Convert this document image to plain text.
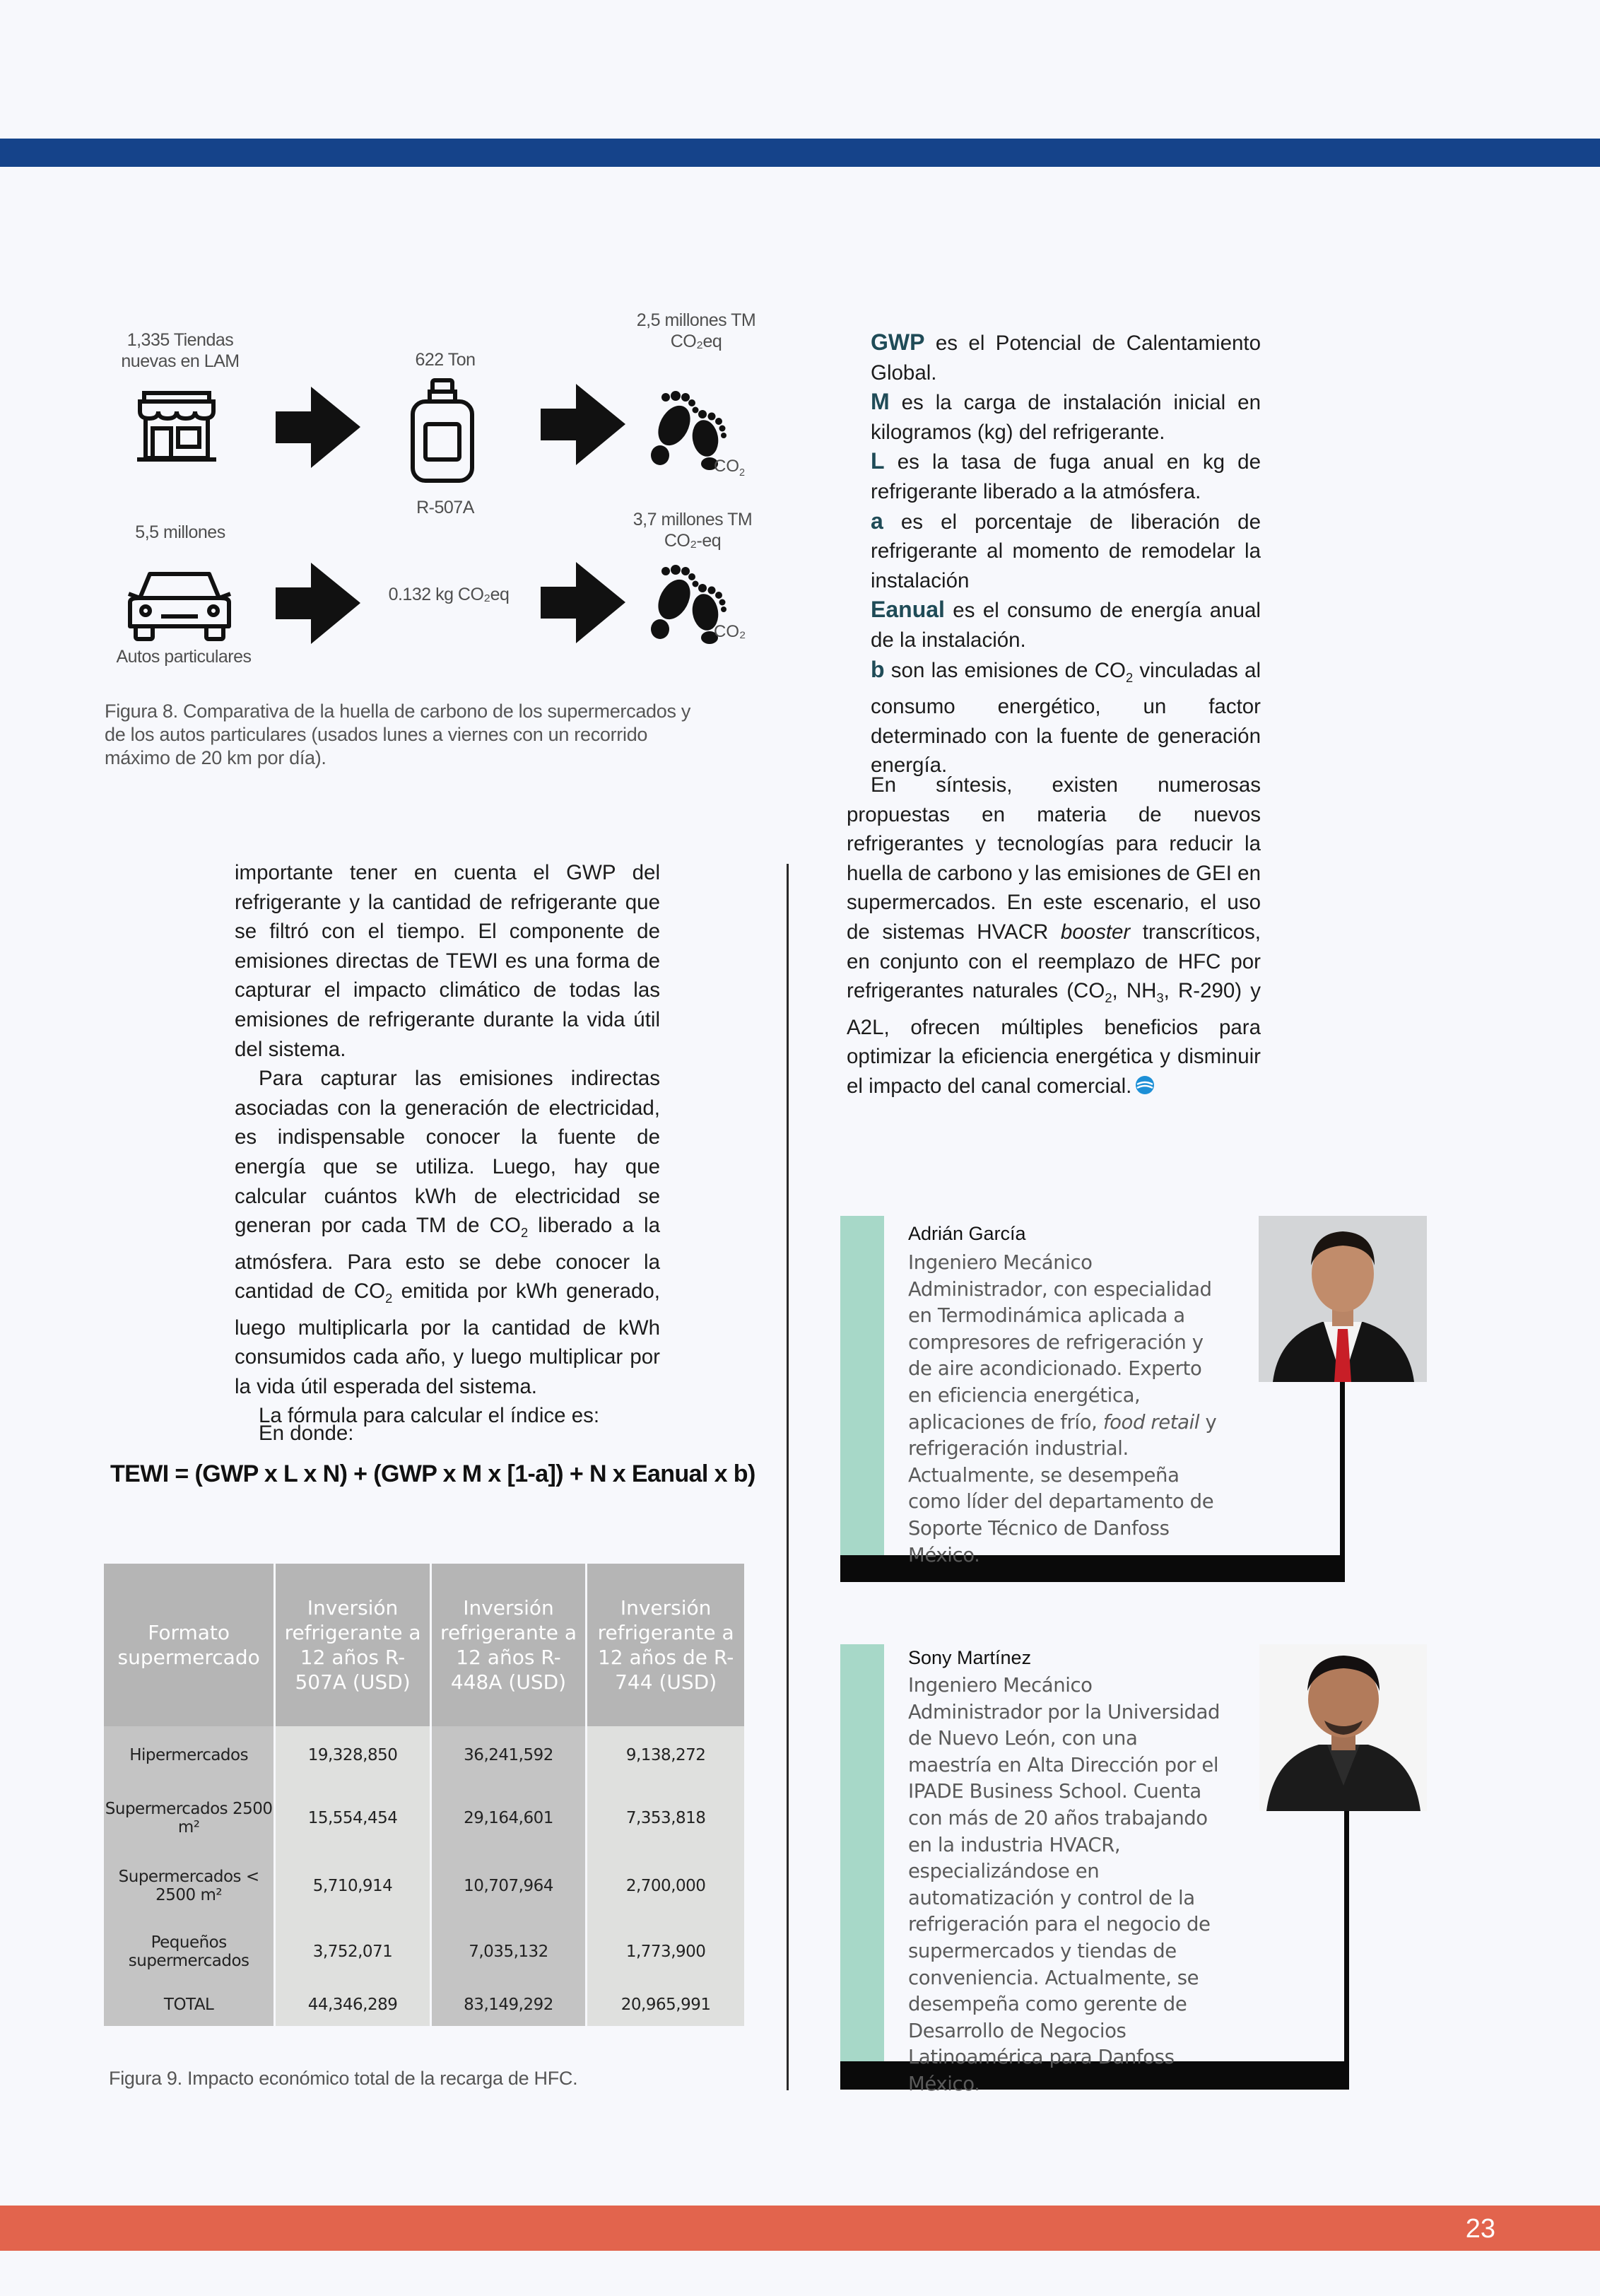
23
1,335 Tiendas nuevas en LAM	622 Ton
R-507A
2,5 millones TM CO₂eq
$CO_2$
5,5 millones
Autos particulares
0.132 kg CO₂eq
3,7 millones TM CO₂-eq
CO₂
Figura 8. Comparativa de la huella de carbono de los supermercados y de los autos particulares (usados lunes a viernes con un recorrido máximo de 20 km por día).

importante tener en cuenta el GWP del refrigerante y la cantidad de refrigerante que se filtró con el tiempo. El componente de emisiones directas de TEWI es una forma de capturar el impacto climático de todas las emisiones de refrigerante durante la vida útil del sistema.

Para capturar las emisiones indirectas asociadas con la generación de electricidad, es indispensable conocer la fuente de energía que se utiliza. Luego, hay que calcular cuántos kWh de electricidad se generan por cada TM de $CO_2$ liberado a la atmósfera. Para esto se debe conocer la cantidad de $CO_2$ emitida por kWh generado, luego multiplicarla por la cantidad de kWh consumidos cada año, y luego multiplicar por la vida útil esperada del sistema.

La fórmula para calcular el índice es:

En donde:
TEWI = (GWP x L x N) + (GWP x M x [1-a]) + N x Eanual x b)
Formato supermercado	Inversión refrigerante a 12 años R-507A (USD)	Inversión refrigerante a 12 años R-448A (USD)	Inversión refrigerante a 12 años de R-744 (USD)
Hipermercados	19,328,850	36,241,592	9,138,272
Supermercados 2500 m²	15,554,454	29,164,601	7,353,818
Supermercados < 2500 m²	5,710,914	10,707,964	2,700,000
Pequeños supermercados	3,752,071	7,035,132	1,773,900
TOTAL	44,346,289	83,149,292	20,965,991
Figura 9. Impacto económico total de la recarga de HFC.

GWP es el Potencial de Calentamiento Global.

M es la carga de instalación inicial en kilogramos (kg) del refrigerante.

L es la tasa de fuga anual en kg de refrigerante liberado a la atmósfera.

a es el porcentaje de liberación de refrigerante al momento de remodelar la instalación

Eanual es el consumo de energía anual de la instalación.

b son las emisiones de $CO_2$ vinculadas al consumo energético, un factor determinado con la fuente de generación energía.

En síntesis, existen numerosas propuestas en materia de nuevos refrigerantes y tecnologías para reducir la huella de carbono y las emisiones de GEI en supermercados. En este escenario, el uso de sistemas HVACR booster transcríticos, en conjunto con el reemplazo de HFC por refrigerantes naturales ($CO_2$, $NH_3$, R-290) y A2L, ofrecen múltiples beneficios para optimizar la eficiencia energética y disminuir el impacto del canal comercial.

Adrián García
Ingeniero Mecánico Administrador, con especialidad en Termodinámica aplicada a compresores de refrigeración y de aire acondicionado. Experto en eficiencia energética, aplicaciones de frío, food retail y refrigeración industrial. Actualmente, se desempeña como líder del departamento de Soporte Técnico de Danfoss México.
Sony Martínez
Ingeniero Mecánico Administrador por la Universidad de Nuevo León, con una maestría en Alta Dirección por el IPADE Business School. Cuenta con más de 20 años trabajando en la industria HVACR, especializándose en automatización y control de la refrigeración para el negocio de supermercados y tiendas de conveniencia. Actualmente, se desempeña como gerente de Desarrollo de Negocios Latinoamérica para Danfoss México.
